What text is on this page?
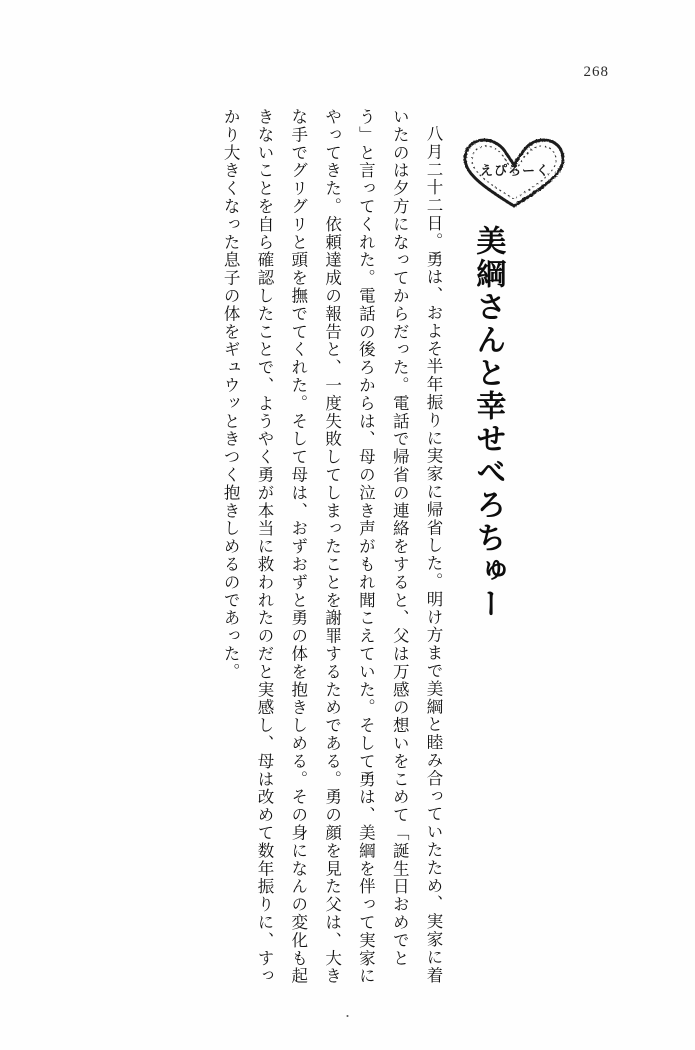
268
えぴろーく
美綱さんと幸せべろちゅー

八月二十二日。勇は、およそ半年振りに実家に帰省した。明け方まで美綱と睦み合っていたため、実家に着いたのは夕方になってからだった。電話で帰省の連絡をすると、父は万感の想いをこめて「誕生日おめでとう」と言ってくれた。電話の後ろからは、母の泣き声がもれ聞こえていた。そして勇は、美綱を伴って実家にやってきた。依頼達成の報告と、一度失敗してしまったことを謝罪するためである。勇の顔を見た父は、大きな手でグリグリと頭を撫でてくれた。そして母は、おずおずと勇の体を抱きしめる。その身になんの変化も起きないことを自ら確認したことで、ようやく勇が本当に救われたのだと実感し、母は改めて数年振りに、すっかり大きくなった息子の体をギュウッときつく抱きしめるのであった。

・
